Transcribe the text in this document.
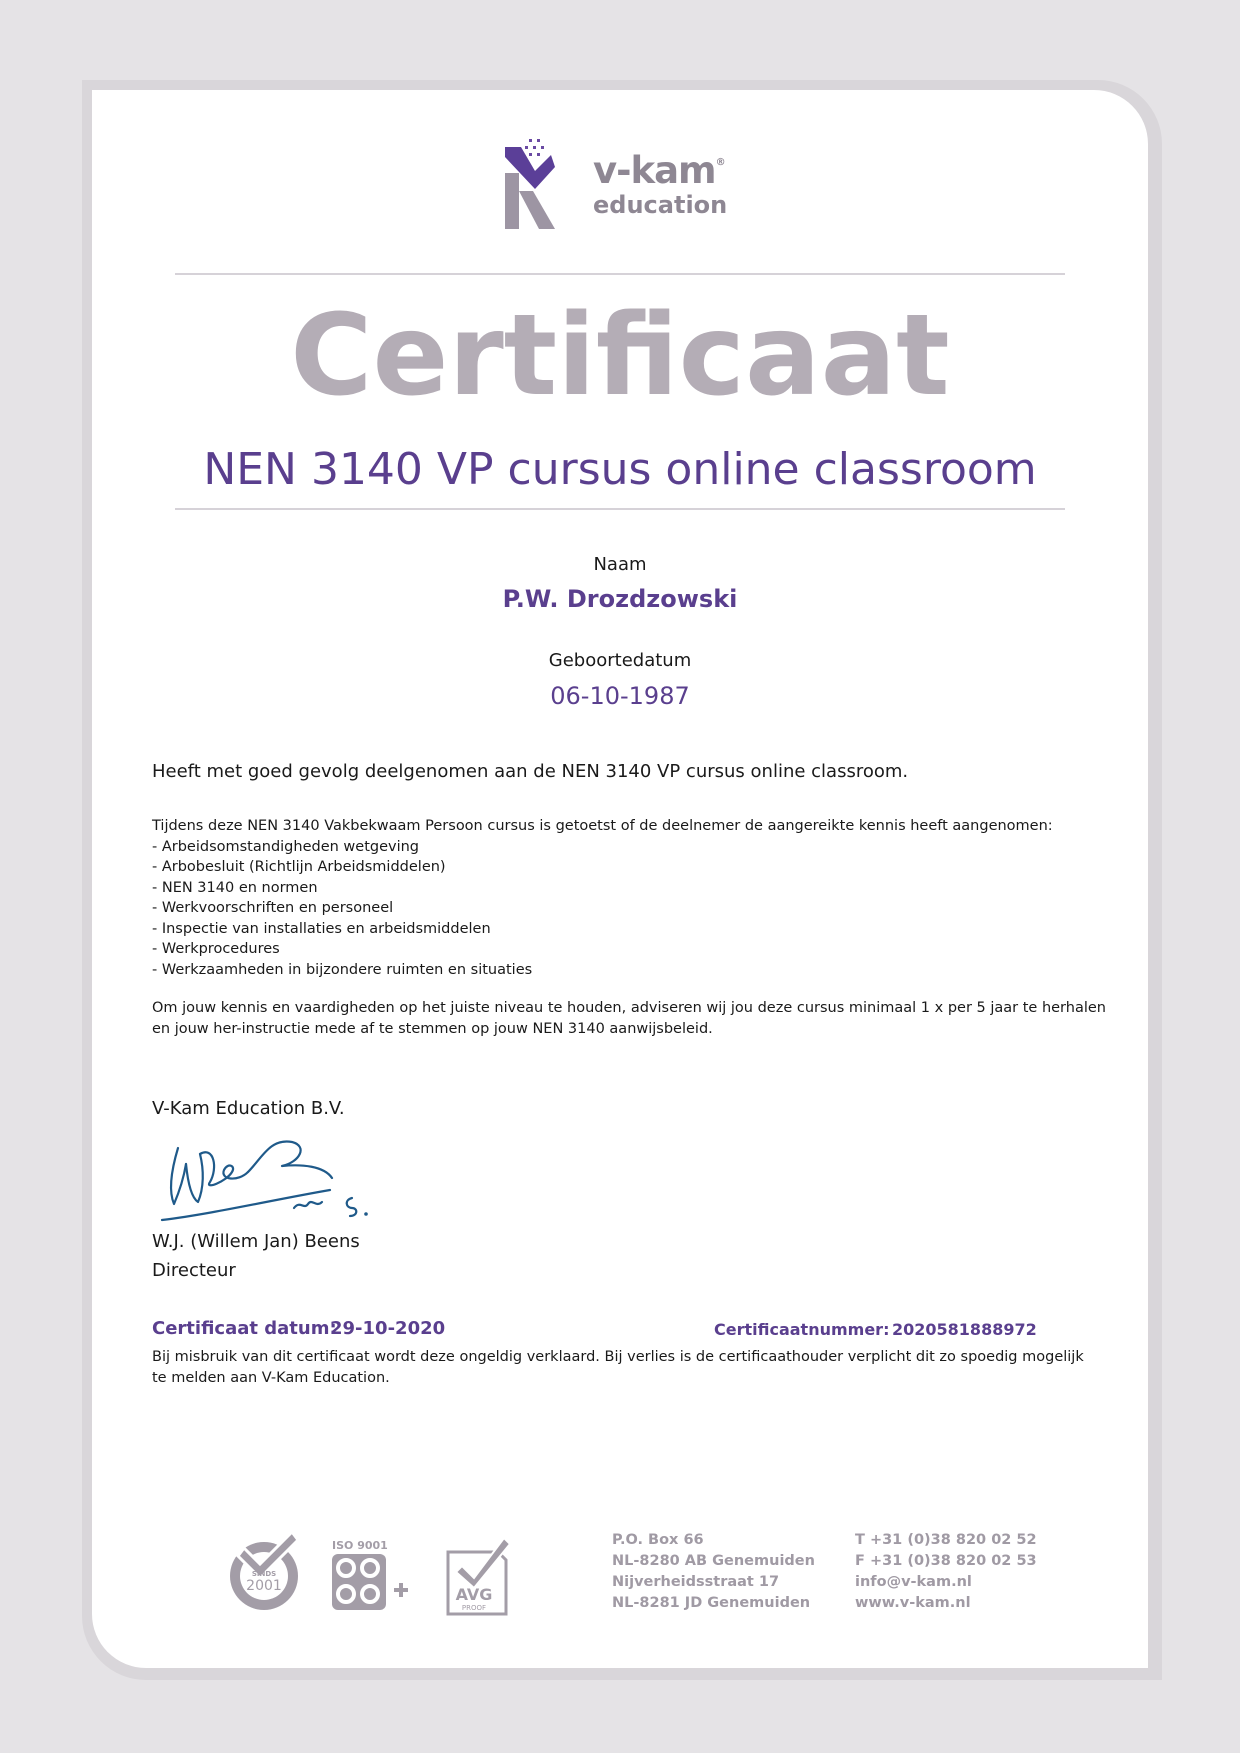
v-kam®
education
Certificaat
NEN 3140 VP cursus online classroom
Naam
P.W. Drozdzowski
Geboortedatum
06-10-1987
Heeft met goed gevolg deelgenomen aan de NEN 3140 VP cursus online classroom.
Tijdens deze NEN 3140 Vakbekwaam Persoon cursus is getoetst of de deelnemer de aangereikte kennis heeft aangenomen:
- Arbeidsomstandigheden wetgeving
- Arbobesluit (Richtlijn Arbeidsmiddelen)
- NEN 3140 en normen
- Werkvoorschriften en personeel
- Inspectie van installaties en arbeidsmiddelen
- Werkprocedures
- Werkzaamheden in bijzondere ruimten en situaties
Om jouw kennis en vaardigheden op het juiste niveau te houden, adviseren wij jou deze cursus minimaal 1 x per 5 jaar te herhalen en jouw her-instructie mede af te stemmen op jouw NEN 3140 aanwijsbeleid.
V-Kam Education B.V.
W.J. (Willem Jan) Beens
Directeur
Certificaat datum:
29-10-2020	Certificaatnummer: 2020581888972
Bij misbruik van dit certificaat wordt deze ongeldig verklaard. Bij verlies is de certificaathouder verplicht dit zo spoedig mogelijk te melden aan V-Kam Education.
SINDS
2001
ISO 9001
AVG
PROOF
P.O. Box 66
NL-8280 AB Genemuiden
Nijverheidsstraat 17
NL-8281 JD Genemuiden
T +31 (0)38 820 02 52
F +31 (0)38 820 02 53
info@v-kam.nl
www.v-kam.nl
